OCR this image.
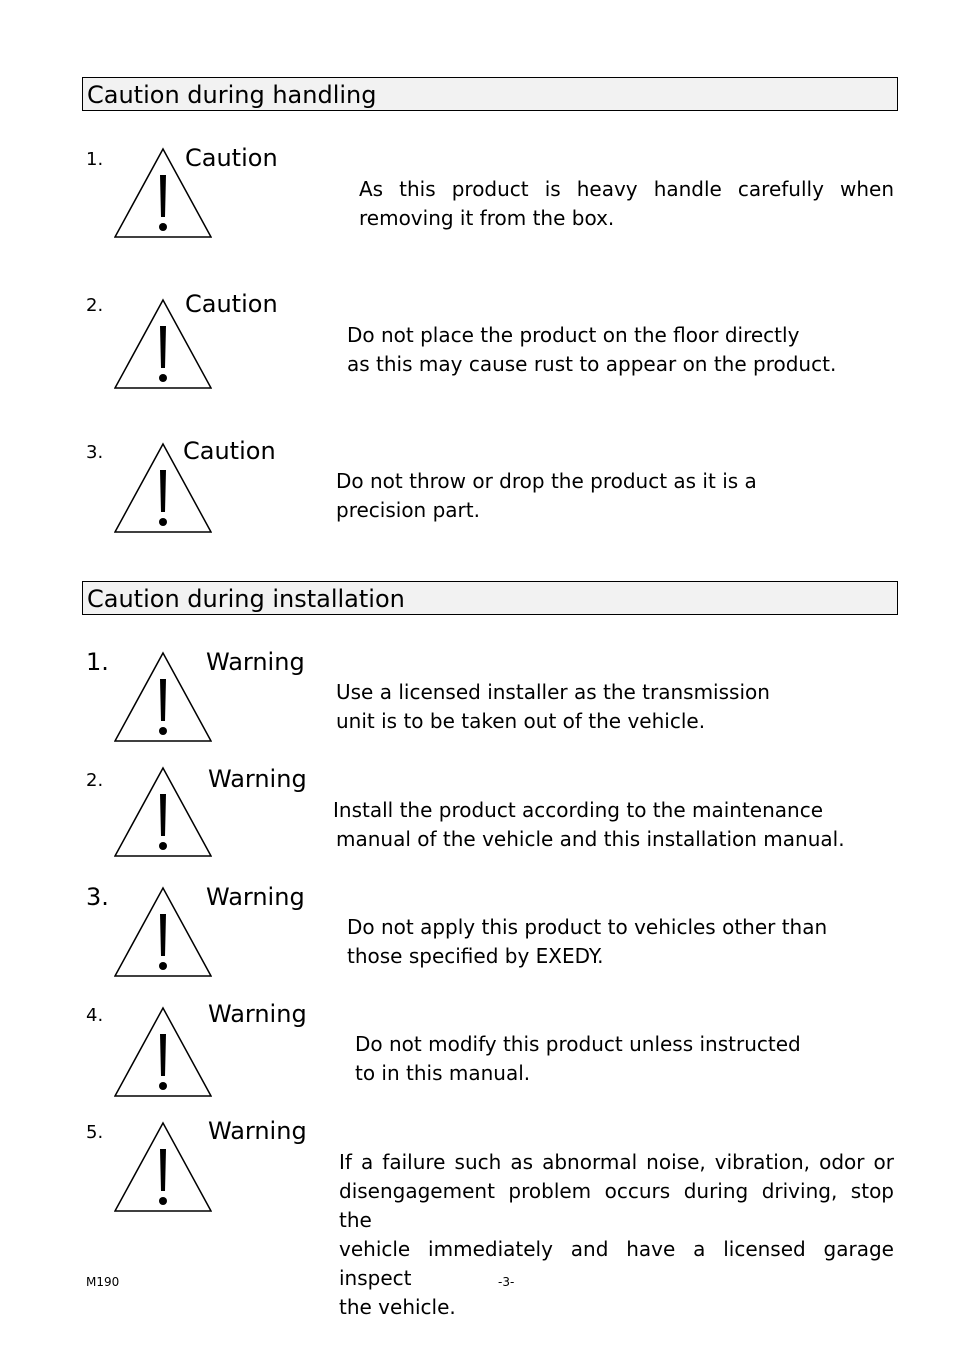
Caution during handling
1.	Caution
As this product is heavy handle carefully when
removing it from the box.
2.	Caution
Do not place the product on the floor directly
as this may cause rust to appear on the product.
3.	Caution
Do not throw or drop the product as it is a
precision part.
Caution during installation
1.	Warning
Use a licensed installer as the transmission
unit is to be taken out of the vehicle.
2.	Warning
Install the product according to the maintenance
manual of the vehicle and this installation manual.
3.	Warning
Do not apply this product to vehicles other than
those specified by EXEDY.
4.	Warning
Do not modify this product unless instructed
to in this manual.
5.	Warning
If a failure such as abnormal noise, vibration, odor or
disengagement problem occurs during driving, stop the
vehicle immediately and have a licensed garage inspect
the vehicle.
M190	-3-
